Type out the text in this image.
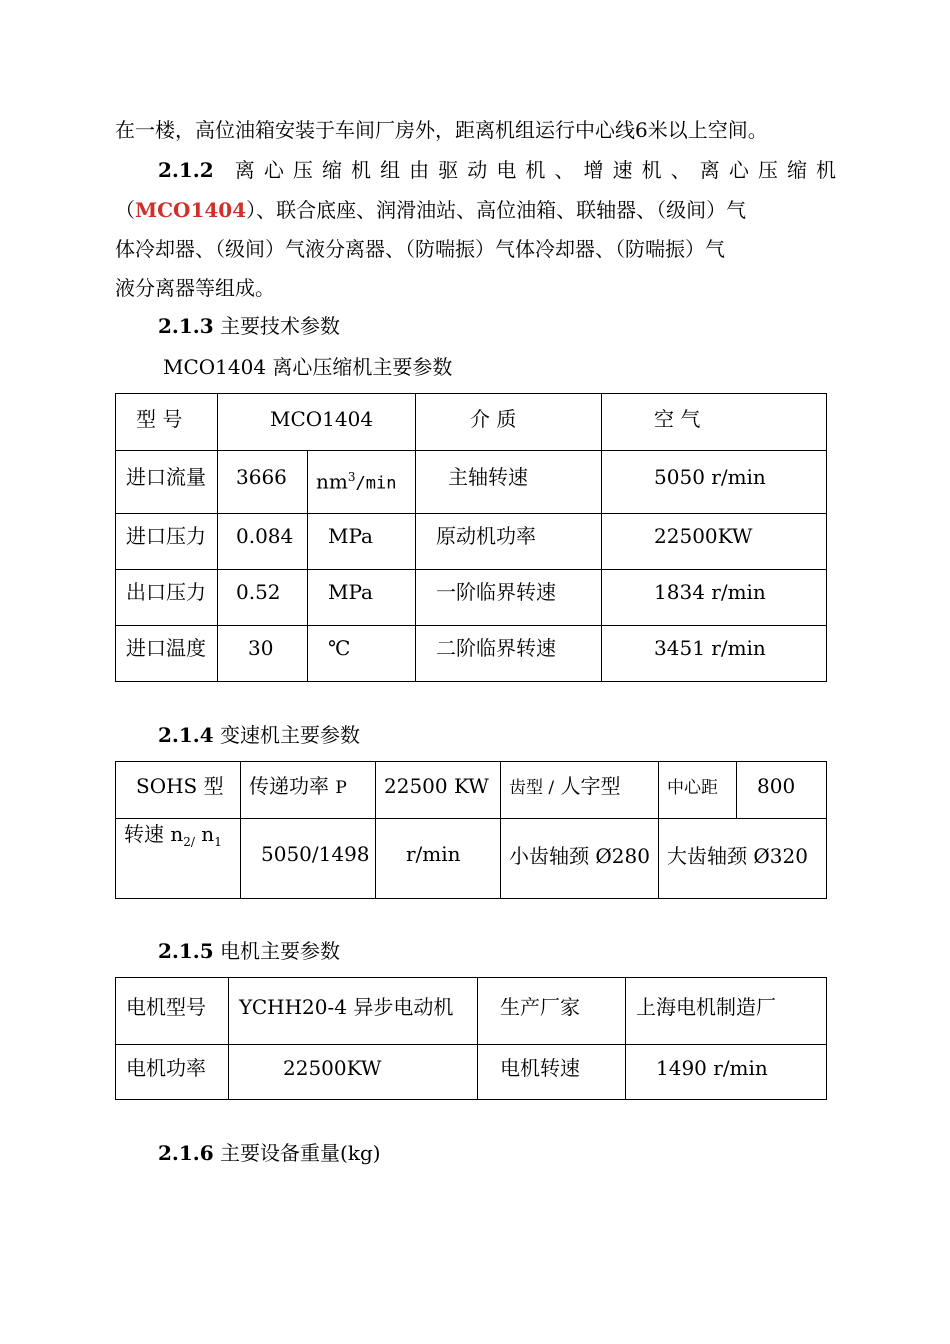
在一楼，高位油箱安装于车间厂房外，距离机组运行中心线6米以上空间。
2.1.2 离 心 压 缩 机 组 由 驱 动 电 机 、 增 速 机 、 离 心 压 缩 机
（MCO1404）、联合底座、润滑油站、高位油箱、联轴器、（级间）气
体冷却器、（级间）气液分离器、（防喘振）气体冷却器、（防喘振）气
液分离器等组成。
2.1.3 主要技术参数
MCO1404 离心压缩机主要参数
型 号	MCO1404		介 质	空 气
进口流量	3666	$nm^3/\min$	主轴转速	5050 r/min
进口压力	0.084	MPa	原动机功率	22500KW
出口压力	0.52	MPa	一阶临界转速	1834 r/min
进口温度	30	℃	二阶临界转速	3451 r/min
2.1.4 变速机主要参数
SOHS 型	传递功率 P	22500 KW	齿型 / 人字型	中心距	800
转速 $n_{2/}$ $n_1$	5050/1498	r/min	小齿轴颈 Ø280	大齿轴颈 Ø320	
2.1.5 电机主要参数
电机型号	YCHH20-4 异步电动机	生产厂家	上海电机制造厂
电机功率	22500KW	电机转速	1490 r/min
2.1.6 主要设备重量(kg)
